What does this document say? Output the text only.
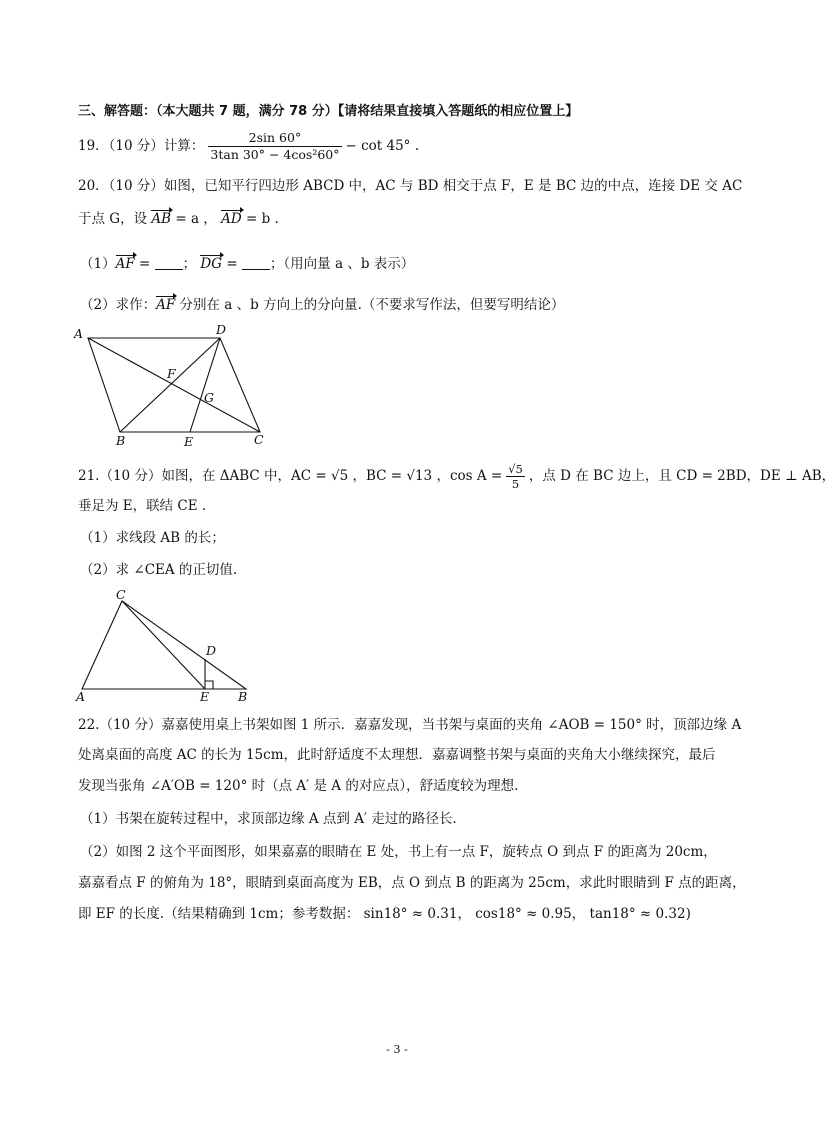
三、解答题：（本大题共 7 题，满分 78 分）【请将结果直接填入答题纸的相应位置上】
19．（10 分）计算： $\frac{2\sin 60^\circ}{\text{3tan 30° − 4cos²60°}} - \cot 45^\circ$ .
20．（10 分）如图，已知平行四边形 ABCD 中，AC 与 BD 相交于点 F，E 是 BC 边的中点，连接 DE 交 AC
于点 G，设 AB = a ， AD = b .
（1）AF = ； DG = ；（用向量 a 、b 表示）
（2）求作：AF 分别在 a 、b 方向上的分向量.（不要求写作法，但要写明结论）
A	D
F
G
B	E	C
21.（10 分）如图，在 ΔABC 中，AC = √5 ，BC = √13 ，$\cos A = \frac{√5}{5}$ ，点 D 在 BC 边上，且 CD = 2BD，DE ⊥ AB，
垂足为 E，联结 CE .
（1）求线段 AB 的长；
（2）求 ∠CEA 的正切值.
C
D
A	E B
22.（10 分）嘉嘉使用桌上书架如图 1 所示．嘉嘉发现，当书架与桌面的夹角 ∠AOB = 150° 时，顶部边缘 A
处离桌面的高度 AC 的长为 15cm，此时舒适度不太理想．嘉嘉调整书架与桌面的夹角大小继续探究，最后
发现当张角 ∠A′OB = 120° 时（点 A′ 是 A 的对应点），舒适度较为理想.
（1）书架在旋转过程中，求顶部边缘 A 点到 A′ 走过的路径长.
（2）如图 2 这个平面图形，如果嘉嘉的眼睛在 E 处，书上有一点 F，旋转点 O 到点 F 的距离为 20cm，
嘉嘉看点 F 的俯角为 18°，眼睛到桌面高度为 EB，点 O 到点 B 的距离为 25cm，求此时眼睛到 F 点的距离，
即 EF 的长度.（结果精确到 1cm；参考数据： sin18° ≈ 0.31， cos18° ≈ 0.95， tan18° ≈ 0.32)
- 3 -
